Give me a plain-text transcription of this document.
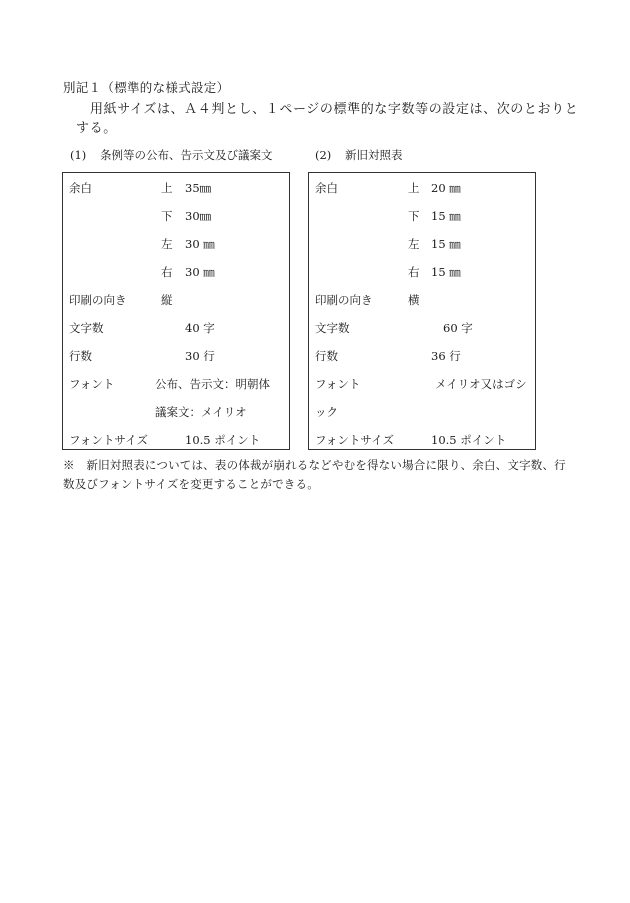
別記１（標準的な様式設定）
用紙サイズは、Ａ４判とし、１ページの標準的な字数等の設定は、次のとおりと
する。
(1) 条例等の公布、告示文及び議案文	(2) 新旧対照表
余白	上 35㎜
下 30㎜
左 30 ㎜
右 30 ㎜
印刷の向き	縦
文字数	40 字
行数	30 行
フォント	公布、告示文：明朝体
議案文：メイリオ
フォントサイズ	10.5 ポイント
余白	上 20 ㎜
下 15 ㎜
左 15 ㎜
右 15 ㎜
印刷の向き	横
文字数	60 字
行数	36 行
フォント	メイリオ又はゴシ
ック
フォントサイズ	10.5 ポイント
※　新旧対照表については、表の体裁が崩れるなどやむを得ない場合に限り、余白、文字数、行数及びフォントサイズを変更することができる。
